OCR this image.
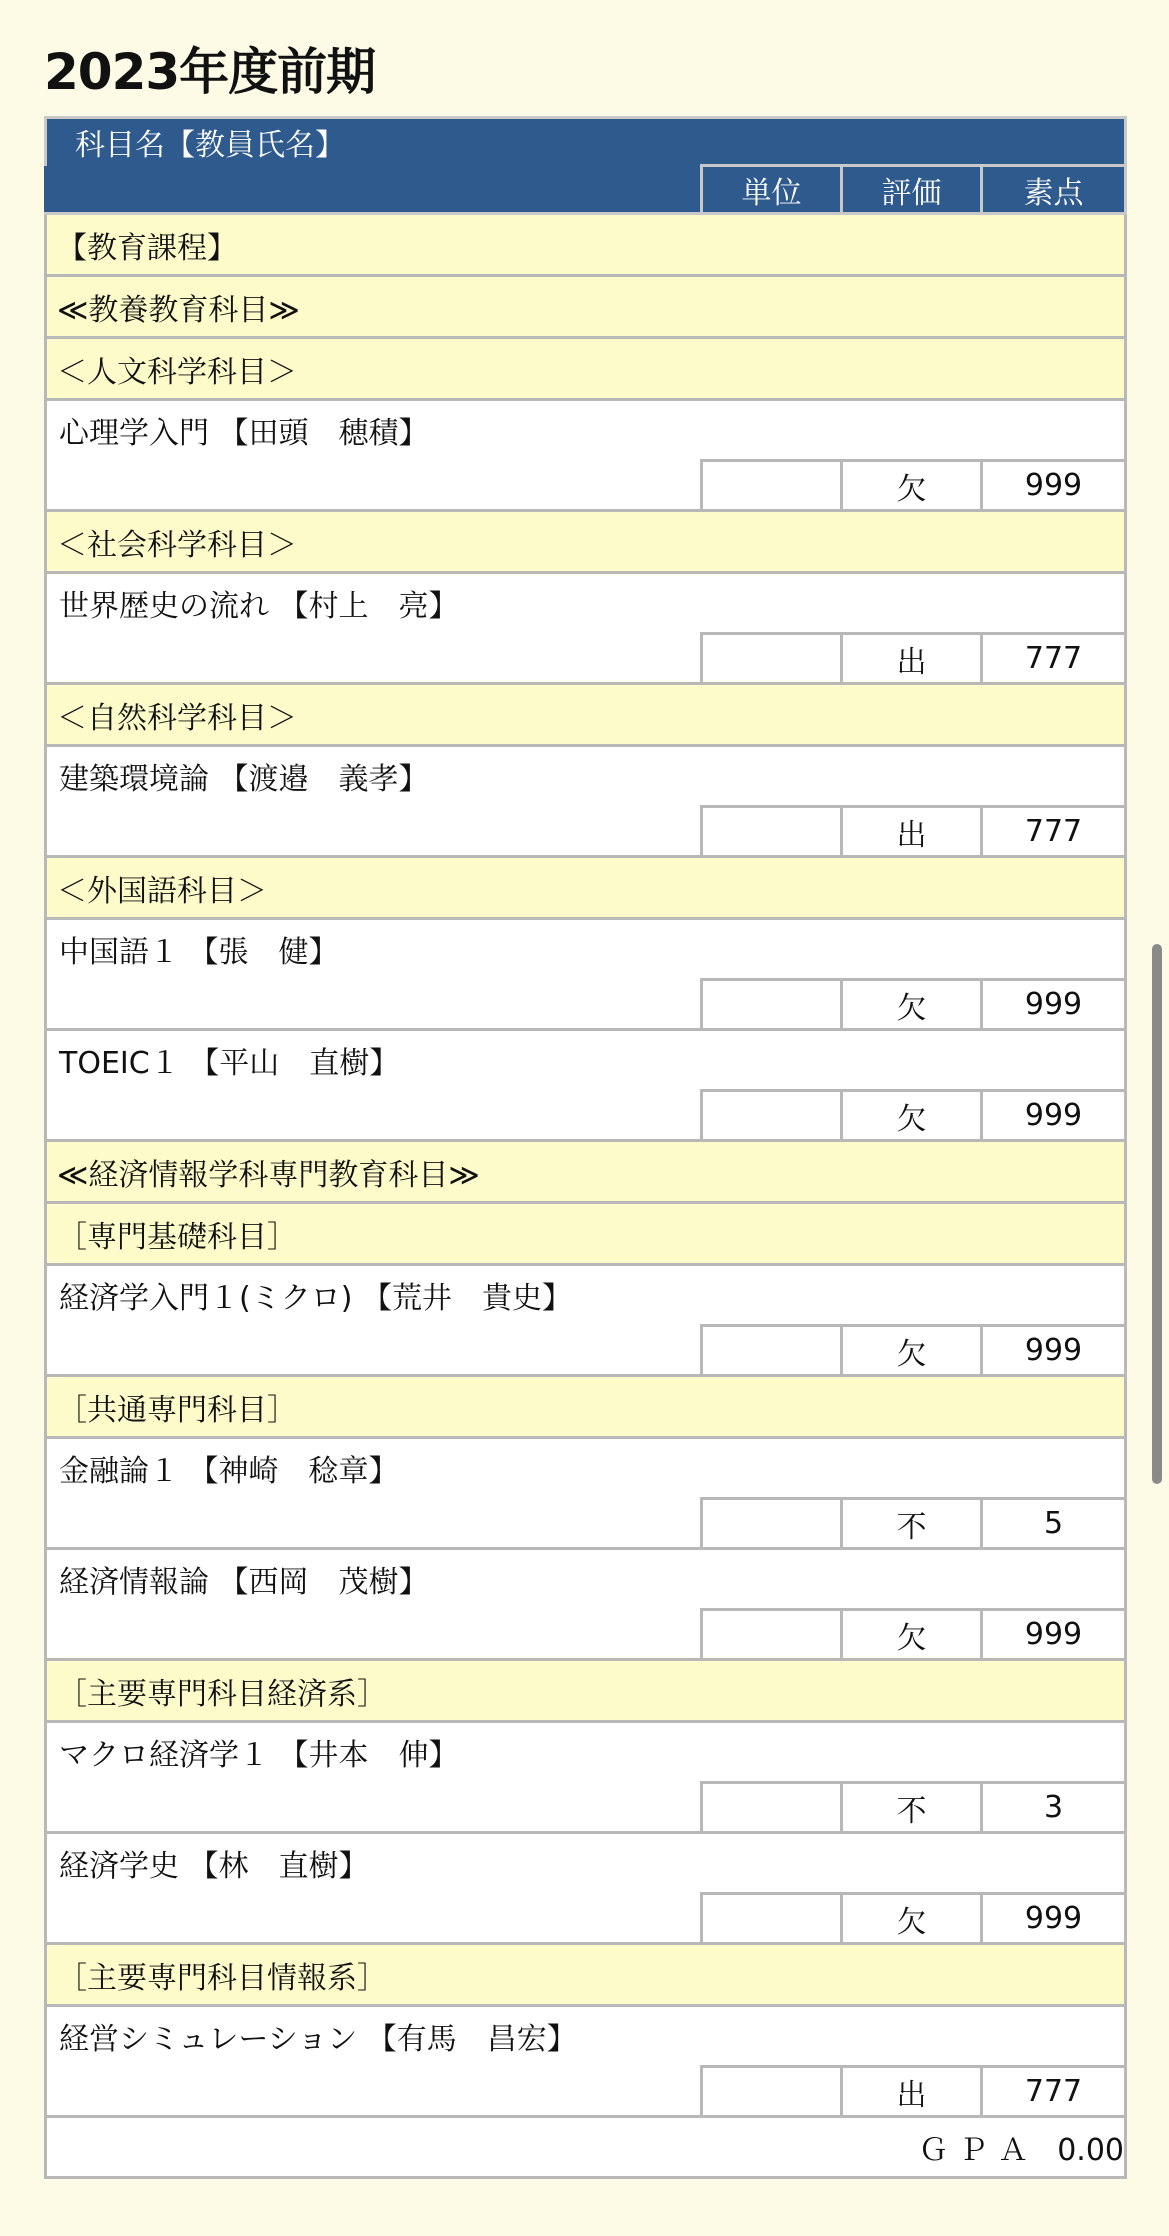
2023年度前期
科目名【教員氏名】			
	単位	評価	素点
【教育課程】			
≪教養教育科目≫			
＜人文科学科目＞			
心理学入門 【田頭　穂積】			
		欠	999
＜社会科学科目＞			
世界歴史の流れ 【村上　亮】			
		出	777
＜自然科学科目＞			
建築環境論 【渡邉　義孝】			
		出	777
＜外国語科目＞			
中国語１ 【張　健】			
		欠	999
TOEIC１ 【平山　直樹】			
		欠	999
≪経済情報学科専門教育科目≫			
［専門基礎科目］			
経済学入門１(ミクロ) 【荒井　貴史】			
		欠	999
［共通専門科目］			
金融論１ 【神崎　稔章】			
		不	5
経済情報論 【西岡　茂樹】			
		欠	999
［主要専門科目経済系］			
マクロ経済学１ 【井本　伸】			
		不	3
経済学史 【林　直樹】			
		欠	999
［主要専門科目情報系］			
経営シミュレーション 【有馬　昌宏】			
		出	777
ＧＰＡ 0.00			
